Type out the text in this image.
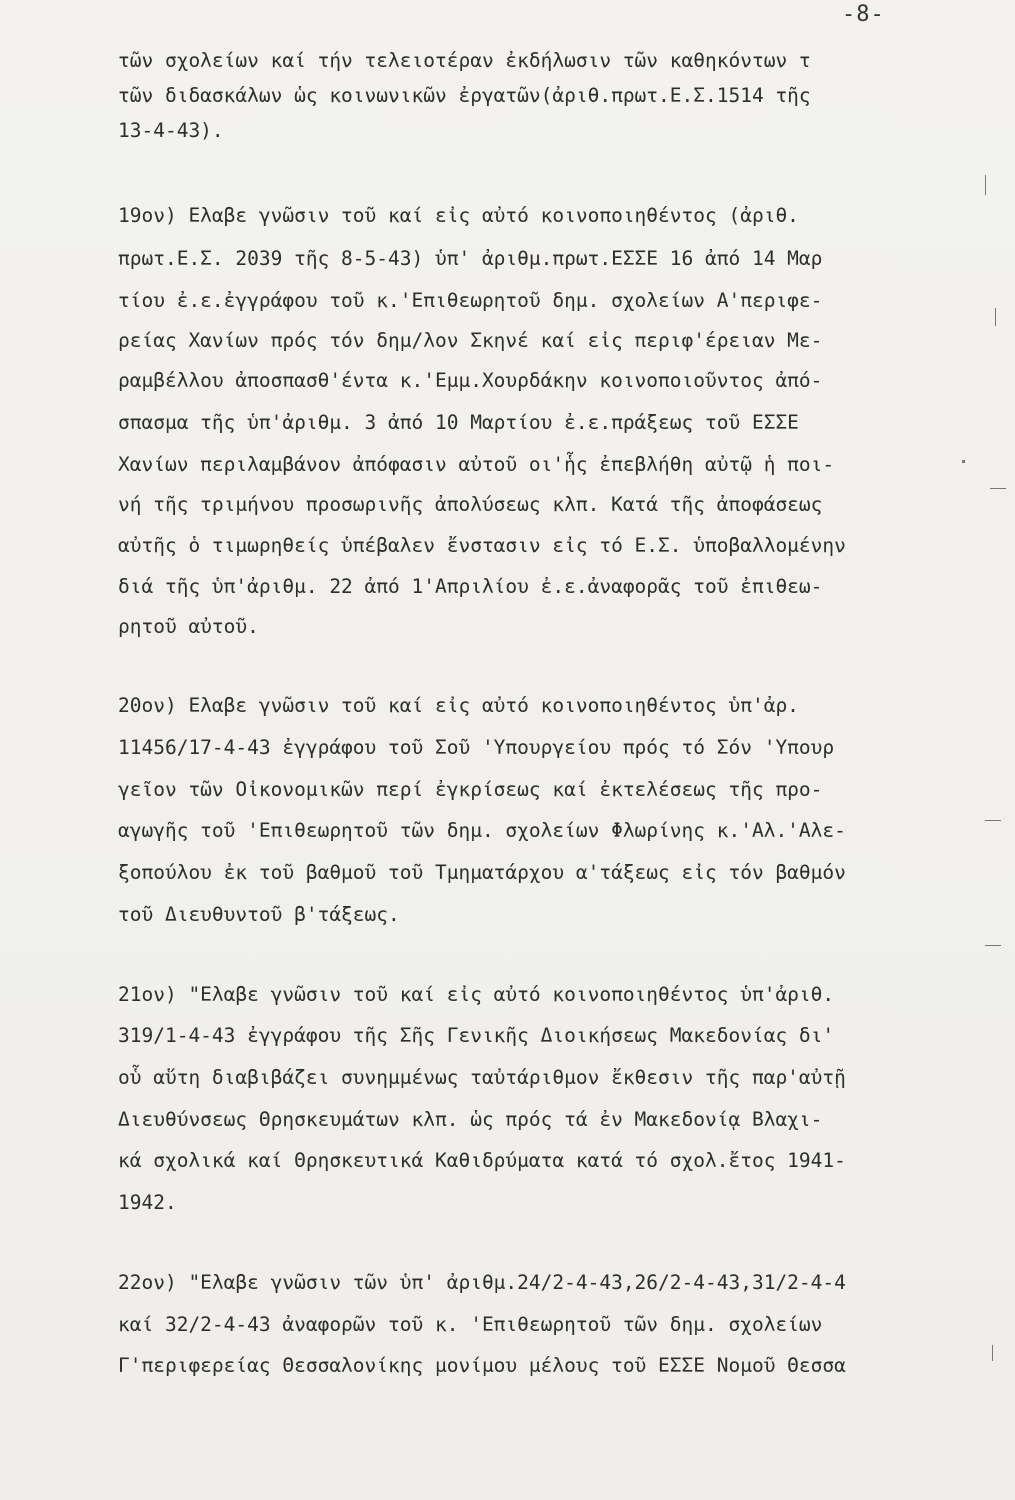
-8-
τῶν σχολείων καί τήν τελειοτέραν ἐκδήλωσιν τῶν καθηκόντων τ
τῶν διδασκάλων ὡς κοινωνικῶν ἐργατῶν(ἀριθ.πρωτ.Ε.Σ.1514 τῆς
13-4-43).
19ον) Ελαβε γνῶσιν τοῦ καί εἰς αὐτό κοινοποιηθέντος (ἀριθ.
πρωτ.Ε.Σ. 2039 τῆς 8-5-43) ὑπ' ἀριθμ.πρωτ.ΕΣΣΕ 16 ἀπό 14 Μαρ
τίου ἐ.ε.ἐγγράφου τοῦ κ.'Επιθεωρητοῦ δημ. σχολείων Α'περιφε-
ρείας Χανίων πρός τόν δημ/λον Σκηνέ καί εἰς περιφ'έρειαν Με-
ραμβέλλου ἀποσπασθ'έντα κ.'Εμμ.Χουρδάκην κοινοποιοῦντος ἀπό-
σπασμα τῆς ὑπ'ἀριθμ. 3 ἀπό 10 Μαρτίου ἐ.ε.πράξεως τοῦ ΕΣΣΕ
Χανίων περιλαμβάνον ἀπόφασιν αὐτοῦ οι'ἧς ἐπεβλήθη αὐτῷ ἡ ποι-
νή τῆς τριμήνου προσωρινῆς ἀπολύσεως κλπ. Κατά τῆς ἀποφάσεως
αὐτῆς ὁ τιμωρηθείς ὑπέβαλεν ἔνστασιν εἰς τό Ε.Σ. ὑποβαλλομένην
διά τῆς ὑπ'ἀριθμ. 22 ἀπό 1'Απριλίου ἐ.ε.ἀναφορᾶς τοῦ ἐπιθεω-
ρητοῦ αὐτοῦ.
20ον) Ελαβε γνῶσιν τοῦ καί εἰς αὐτό κοινοποιηθέντος ὑπ'ἀρ.
11456/17-4-43 ἐγγράφου τοῦ Σοῦ 'Υπουργείου πρός τό Σόν 'Υπουρ
γεῖον τῶν Οἰκονομικῶν περί ἐγκρίσεως καί ἐκτελέσεως τῆς προ-
αγωγῆς τοῦ 'Επιθεωρητοῦ τῶν δημ. σχολείων Φλωρίνης κ.'Αλ.'Αλε-
ξοπούλου ἐκ τοῦ βαθμοῦ τοῦ Τμηματάρχου α'τάξεως εἰς τόν βαθμόν
τοῦ Διευθυντοῦ β'τάξεως.
21ον) "Ελαβε γνῶσιν τοῦ καί εἰς αὐτό κοινοποιηθέντος ὑπ'ἀριθ.
319/1-4-43 ἐγγράφου τῆς Σῆς Γενικῆς Διοικήσεως Μακεδονίας δι'
οὗ αὕτη διαβιβάζει συνημμένως ταὐτάριθμον ἔκθεσιν τῆς παρ'αὐτῇ
Διευθύνσεως Θρησκευμάτων κλπ. ὡς πρός τά ἐν Μακεδονίᾳ Βλαχι-
κά σχολικά καί Θρησκευτικά Καθιδρύματα κατά τό σχολ.ἔτος 1941-
1942.
22ον) "Ελαβε γνῶσιν τῶν ὑπ' ἀριθμ.24/2-4-43,26/2-4-43,31/2-4-4
καί 32/2-4-43 ἀναφορῶν τοῦ κ. 'Επιθεωρητοῦ τῶν δημ. σχολείων
Γ'περιφερείας Θεσσαλονίκης μονίμου μέλους τοῦ ΕΣΣΕ Νομοῦ Θεσσα
